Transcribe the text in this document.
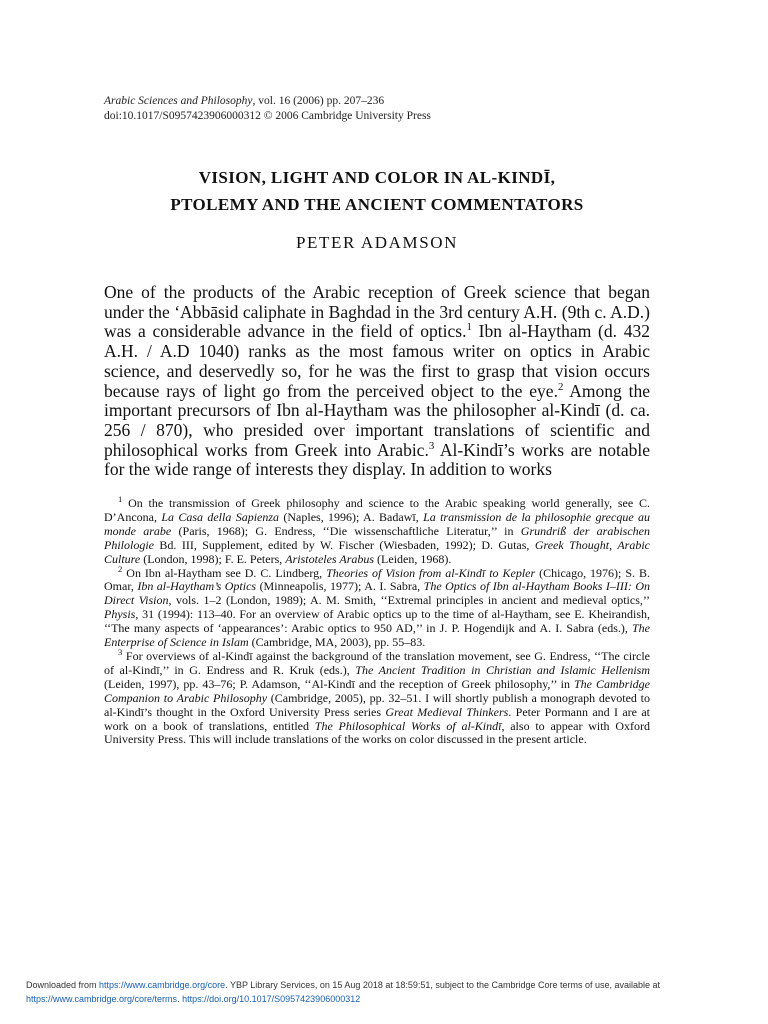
Arabic Sciences and Philosophy, vol. 16 (2006) pp. 207–236
doi:10.1017/S0957423906000312 © 2006 Cambridge University Press
VISION, LIGHT AND COLOR IN AL-KINDĪ,
PTOLEMY AND THE ANCIENT COMMENTATORS
PETER ADAMSON

One of the products of the Arabic reception of Greek science that began under the ‘Abbāsid caliphate in Baghdad in the 3rd century A.H. (9th c. A.D.) was a considerable advance in the field of optics.$^1$ Ibn al-Haytham (d. 432 A.H. / A.D 1040) ranks as the most famous writer on optics in Arabic science, and deservedly so, for he was the first to grasp that vision occurs because rays of light go from the perceived object to the eye.$^2$ Among the important precursors of Ibn al-Haytham was the philosopher al-Kindī (d. ca. 256 / 870), who presided over important translations of scientific and philosophical works from Greek into Arabic.$^3$ Al-Kindī’s works are notable for the wide range of interests they display. In addition to works

$^1$ On the transmission of Greek philosophy and science to the Arabic speaking world generally, see C. D’Ancona, La Casa della Sapienza (Naples, 1996); A. Badawī, La transmission de la philosophie grecque au monde arabe (Paris, 1968); G. Endress, ‘‘Die wissenschaftliche Literatur,’’ in Grundriß der arabischen Philologie Bd. III, Supplement, edited by W. Fischer (Wiesbaden, 1992); D. Gutas, Greek Thought, Arabic Culture (London, 1998); F. E. Peters, Aristoteles Arabus (Leiden, 1968).

$^2$ On Ibn al-Haytham see D. C. Lindberg, Theories of Vision from al-Kindī to Kepler (Chicago, 1976); S. B. Omar, Ibn al-Haytham’s Optics (Minneapolis, 1977); A. I. Sabra, The Optics of Ibn al-Haytham Books I–III: On Direct Vision, vols. 1–2 (London, 1989); A. M. Smith, ‘‘Extremal principles in ancient and medieval optics,’’ Physis, 31 (1994): 113–40. For an overview of Arabic optics up to the time of al-Haytham, see E. Kheirandish, ‘‘The many aspects of ‘appearances’: Arabic optics to 950 AD,’’ in J. P. Hogendijk and A. I. Sabra (eds.), The Enterprise of Science in Islam (Cambridge, MA, 2003), pp. 55–83.

$^3$ For overviews of al-Kindī against the background of the translation movement, see G. Endress, ‘‘The circle of al-Kindī,’’ in G. Endress and R. Kruk (eds.), The Ancient Tradition in Christian and Islamic Hellenism (Leiden, 1997), pp. 43–76; P. Adamson, ‘‘Al-Kindī and the reception of Greek philosophy,’’ in The Cambridge Companion to Arabic Philosophy (Cambridge, 2005), pp. 32–51. I will shortly publish a monograph devoted to al-Kindī’s thought in the Oxford University Press series Great Medieval Thinkers. Peter Pormann and I are at work on a book of translations, entitled The Philosophical Works of al-Kindī, also to appear with Oxford University Press. This will include translations of the works on color discussed in the present article.

Downloaded from https://www.cambridge.org/core. YBP Library Services, on 15 Aug 2018 at 18:59:51, subject to the Cambridge Core terms of use, available at
https://www.cambridge.org/core/terms. https://doi.org/10.1017/S0957423906000312
